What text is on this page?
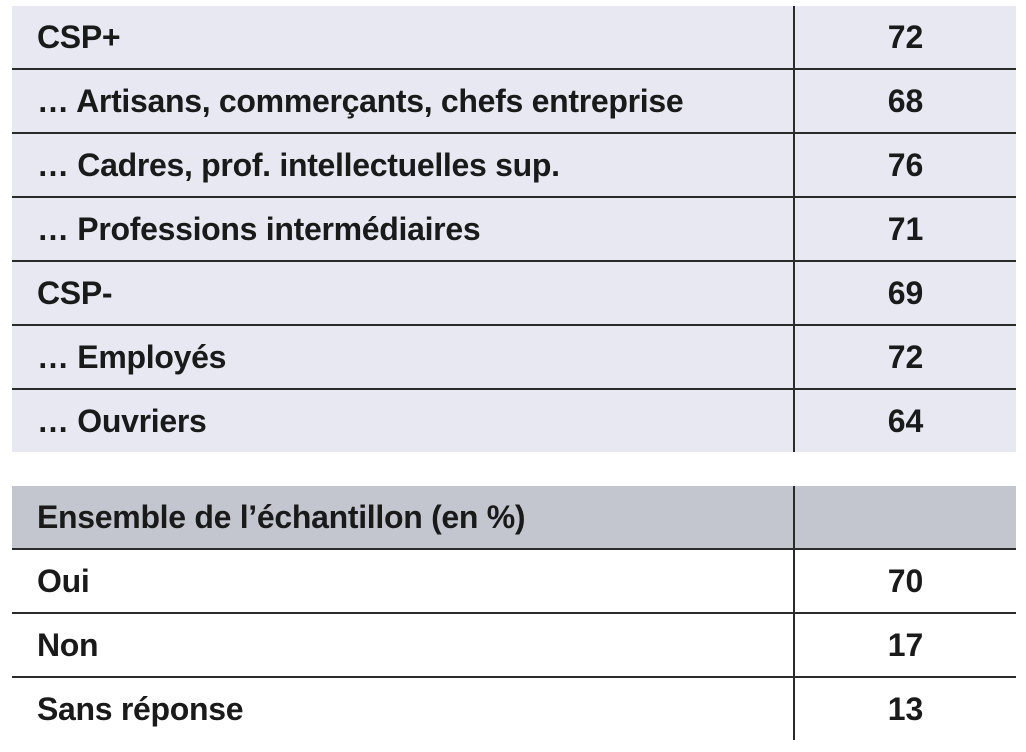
CSP+	72
… Artisans, commerçants, chefs entreprise	68
… Cadres, prof. intellectuelles sup.	76
… Professions intermédiaires	71
CSP-	69
… Employés	72
… Ouvriers	64
Ensemble de l’échantillon (en %)
Oui	70
Non	17
Sans réponse	13
